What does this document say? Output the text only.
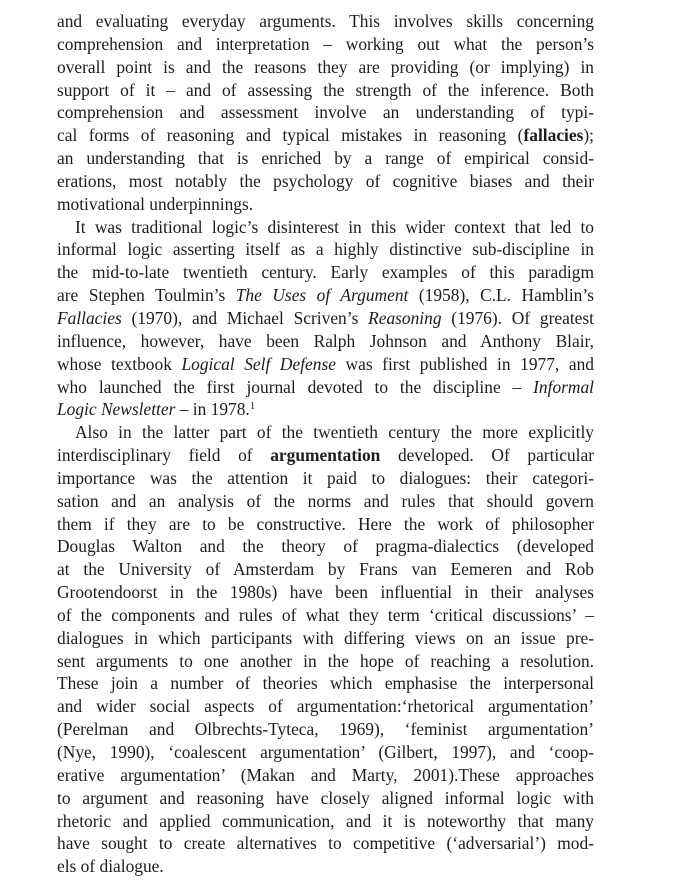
and evaluating everyday arguments. This involves skills concerning
comprehension and interpretation – working out what the person’s
overall point is and the reasons they are providing (or implying) in
support of it – and of assessing the strength of the inference. Both
comprehension and assessment involve an understanding of typi-
cal forms of reasoning and typical mistakes in reasoning (fallacies);
an understanding that is enriched by a range of empirical consid-
erations, most notably the psychology of cognitive biases and their
motivational underpinnings.
It was traditional logic’s disinterest in this wider context that led to
informal logic asserting itself as a highly distinctive sub-discipline in
the mid-to-late twentieth century. Early examples of this paradigm
are Stephen Toulmin’s The Uses of Argument (1958), C.L. Hamblin’s
Fallacies (1970), and Michael Scriven’s Reasoning (1976). Of greatest
influence, however, have been Ralph Johnson and Anthony Blair,
whose textbook Logical Self Defense was first published in 1977, and
who launched the first journal devoted to the discipline – Informal
Logic Newsletter – in 1978.$^1$
Also in the latter part of the twentieth century the more explicitly
interdisciplinary field of argumentation developed. Of particular
importance was the attention it paid to dialogues: their categori-
sation and an analysis of the norms and rules that should govern
them if they are to be constructive. Here the work of philosopher
Douglas Walton and the theory of pragma-dialectics (developed
at the University of Amsterdam by Frans van Eemeren and Rob
Grootendoorst in the 1980s) have been influential in their analyses
of the components and rules of what they term ‘critical discussions’ –
dialogues in which participants with differing views on an issue pre-
sent arguments to one another in the hope of reaching a resolution.
These join a number of theories which emphasise the interpersonal
and wider social aspects of argumentation:‘rhetorical argumentation’
(Perelman and Olbrechts-Tyteca, 1969), ‘feminist argumentation’
(Nye, 1990), ‘coalescent argumentation’ (Gilbert, 1997), and ‘coop-
erative argumentation’ (Makan and Marty, 2001).These approaches
to argument and reasoning have closely aligned informal logic with
rhetoric and applied communication, and it is noteworthy that many
have sought to create alternatives to competitive (‘adversarial’) mod-
els of dialogue.
